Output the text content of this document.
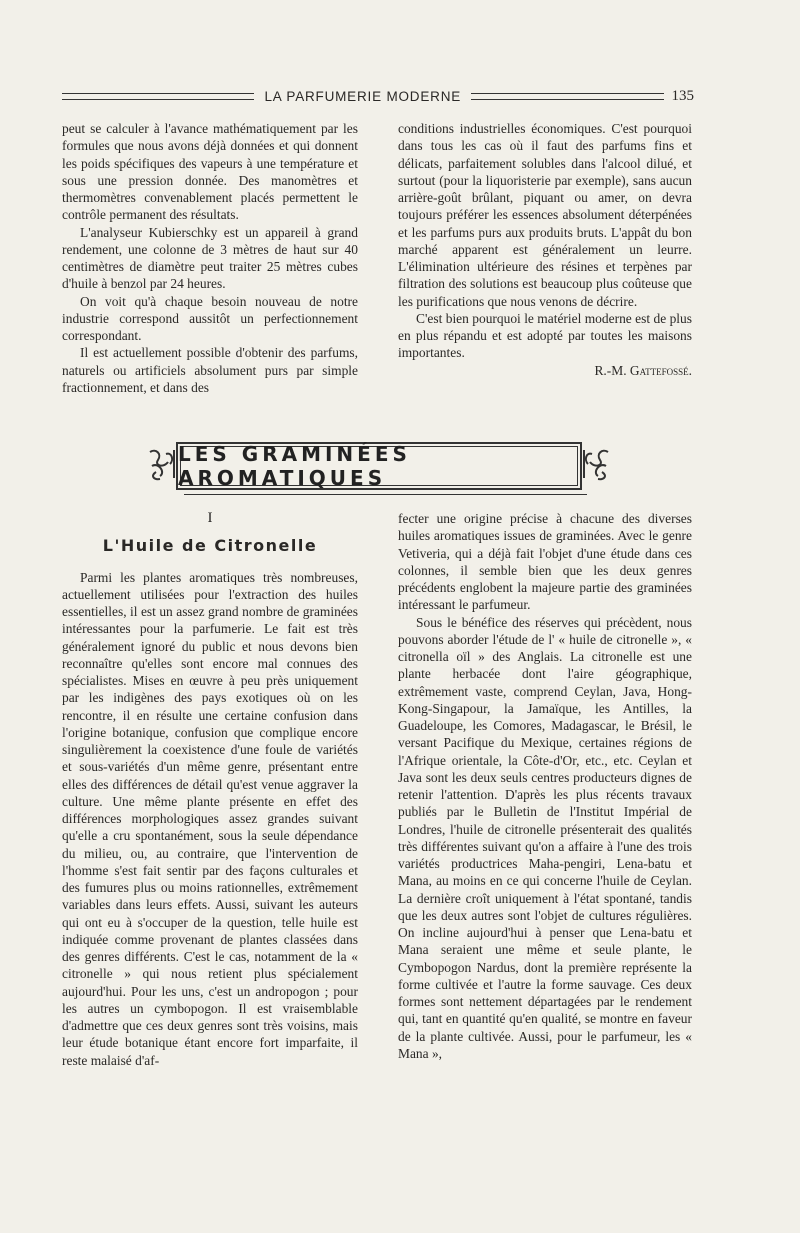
LA PARFUMERIE MODERNE	135

peut se calculer à l'avance mathématiquement par les formules que nous avons déjà données et qui donnent les poids spécifiques des vapeurs à une température et sous une pression donnée. Des manomètres et thermomètres convenablement placés permettent le contrôle permanent des résultats.

L'analyseur Kubierschky est un appareil à grand rendement, une colonne de 3 mètres de haut sur 40 centimètres de diamètre peut traiter 25 mètres cubes d'huile à benzol par 24 heures.

On voit qu'à chaque besoin nouveau de notre industrie correspond aussitôt un perfectionnement correspondant.

Il est actuellement possible d'obtenir des parfums, naturels ou artificiels absolument purs par simple fractionnement, et dans des

conditions industrielles économiques. C'est pourquoi dans tous les cas où il faut des parfums fins et délicats, parfaitement solubles dans l'alcool dilué, et surtout (pour la liquoristerie par exemple), sans aucun arrière-goût brûlant, piquant ou amer, on devra toujours préférer les essences absolument déterpénées et les parfums purs aux produits bruts. L'appât du bon marché apparent est généralement un leurre. L'élimination ultérieure des résines et terpènes par filtration des solutions est beaucoup plus coûteuse que les purifications que nous venons de décrire.

C'est bien pourquoi le matériel moderne est de plus en plus répandu et est adopté par toutes les maisons importantes.

R.-M. Gattefossé.

LES GRAMINÉES AROMATIQUES
I
L'Huile de Citronelle

Parmi les plantes aromatiques très nombreuses, actuellement utilisées pour l'extraction des huiles essentielles, il est un assez grand nombre de graminées intéressantes pour la parfumerie. Le fait est très généralement ignoré du public et nous devons bien reconnaître qu'elles sont encore mal connues des spécialistes. Mises en œuvre à peu près uniquement par les indigènes des pays exotiques où on les rencontre, il en résulte une certaine confusion dans l'origine botanique, confusion que complique encore singulièrement la coexistence d'une foule de variétés et sous-variétés d'un même genre, présentant entre elles des différences de détail qu'est venue aggraver la culture. Une même plante présente en effet des différences morphologiques assez grandes suivant qu'elle a cru spontanément, sous la seule dépendance du milieu, ou, au contraire, que l'intervention de l'homme s'est fait sentir par des façons culturales et des fumures plus ou moins rationnelles, extrêmement variables dans leurs effets. Aussi, suivant les auteurs qui ont eu à s'occuper de la question, telle huile est indiquée comme provenant de plantes classées dans des genres différents. C'est le cas, notamment de la « citronelle » qui nous retient plus spécialement aujourd'hui. Pour les uns, c'est un andropogon ; pour les autres un cymbopogon. Il est vraisemblable d'admettre que ces deux genres sont très voisins, mais leur étude botanique étant encore fort imparfaite, il reste malaisé d'af-

fecter une origine précise à chacune des diverses huiles aromatiques issues de graminées. Avec le genre Vetiveria, qui a déjà fait l'objet d'une étude dans ces colonnes, il semble bien que les deux genres précédents englobent la majeure partie des graminées intéressant le parfumeur.

Sous le bénéfice des réserves qui précèdent, nous pouvons aborder l'étude de l' « huile de citronelle », « citronella oïl » des Anglais. La citronelle est une plante herbacée dont l'aire géographique, extrêmement vaste, comprend Ceylan, Java, Hong-Kong-Singapour, la Jamaïque, les Antilles, la Guadeloupe, les Comores, Madagascar, le Brésil, le versant Pacifique du Mexique, certaines régions de l'Afrique orientale, la Côte-d'Or, etc., etc. Ceylan et Java sont les deux seuls centres producteurs dignes de retenir l'attention. D'après les plus récents travaux publiés par le Bulletin de l'Institut Impérial de Londres, l'huile de citronelle présenterait des qualités très différentes suivant qu'on a affaire à l'une des trois variétés productrices Maha-pengiri, Lena-batu et Mana, au moins en ce qui concerne l'huile de Ceylan. La dernière croît uniquement à l'état spontané, tandis que les deux autres sont l'objet de cultures régulières. On incline aujourd'hui à penser que Lena-batu et Mana seraient une même et seule plante, le Cymbopogon Nardus, dont la première représente la forme cultivée et l'autre la forme sauvage. Ces deux formes sont nettement départagées par le rendement qui, tant en quantité qu'en qualité, se montre en faveur de la plante cultivée. Aussi, pour le parfumeur, les « Mana »,
